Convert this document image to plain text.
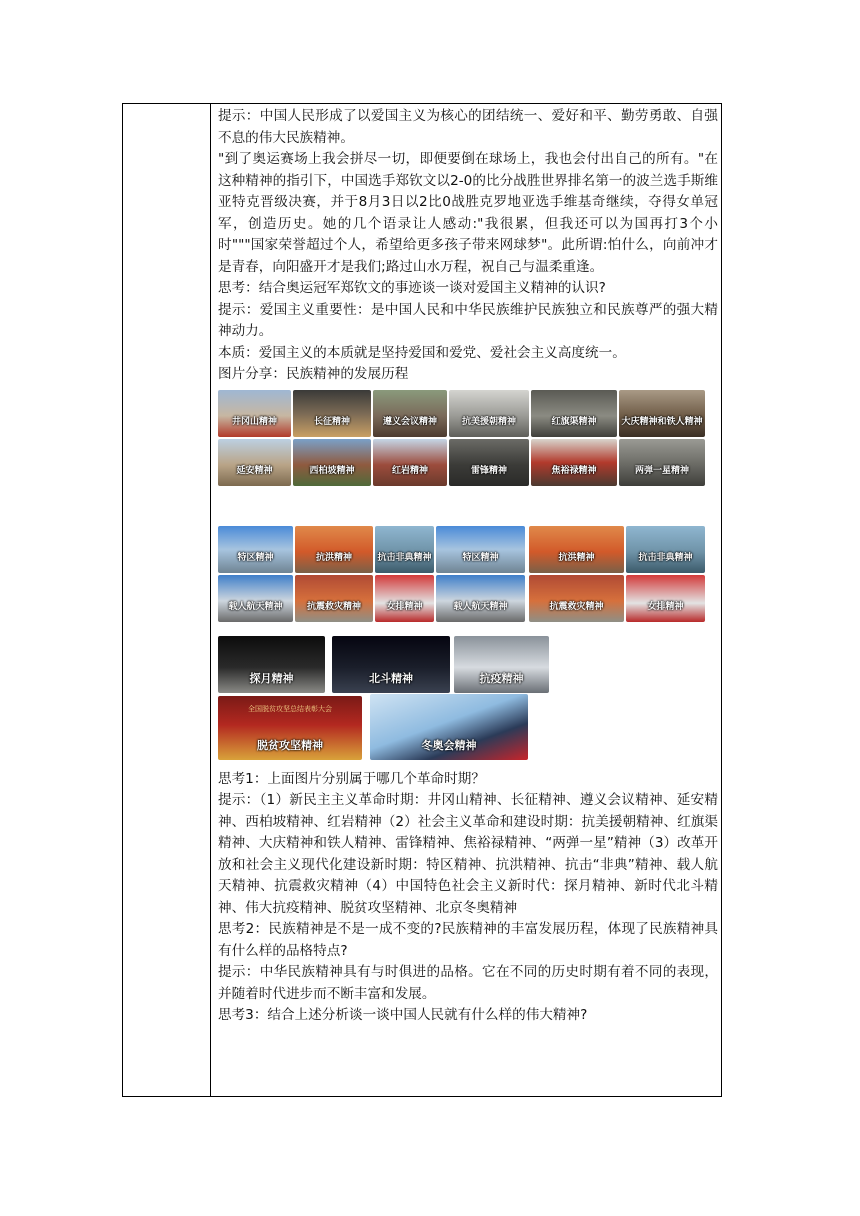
提示：中国人民形成了以爱国主义为核心的团结统一、爱好和平、勤劳勇敢、自强不息的伟大民族精神。

"到了奥运赛场上我会拼尽一切，即便要倒在球场上，我也会付出自己的所有。"在这种精神的指引下，中国选手郑钦文以2-0的比分战胜世界排名第一的波兰选手斯维亚特克晋级决赛，并于8月3日以2比0战胜克罗地亚选手维基奇继续，夺得女单冠军，创造历史。她的几个语录让人感动:"我很累，但我还可以为国再打3个小时"""国家荣誉超过个人，希望给更多孩子带来网球梦"。此所谓:怕什么，向前冲才是青春，向阳盛开才是我们;路过山水万程，祝自己与温柔重逢。

思考：结合奥运冠军郑钦文的事迹谈一谈对爱国主义精神的认识?

提示：爱国主义重要性：是中国人民和中华民族维护民族独立和民族尊严的强大精神动力。

本质：爱国主义的本质就是坚持爱国和爱党、爱社会主义高度统一。

图片分享：民族精神的发展历程

井冈山精神	长征精神	遵义会议精神	抗美援朝精神	红旗渠精神	大庆精神和铁人精神
延安精神	西柏坡精神	红岩精神	雷锋精神	焦裕禄精神	两弹一星精神
特区精神	抗洪精神	抗击非典精神	特区精神	抗洪精神	抗击非典精神
载人航天精神	抗震救灾精神	女排精神	载人航天精神	抗震救灾精神	女排精神
探月精神	北斗精神	抗疫精神
全国脱贫攻坚总结表彰大会
脱贫攻坚精神	冬奥会精神

思考1：上面图片分别属于哪几个革命时期？

提示：（1）新民主主义革命时期：井冈山精神、长征精神、遵义会议精神、延安精神、西柏坡精神、红岩精神（2）社会主义革命和建设时期：抗美援朝精神、红旗渠精神、大庆精神和铁人精神、雷锋精神、焦裕禄精神、“两弹一星”精神（3）改革开放和社会主义现代化建设新时期：特区精神、抗洪精神、抗击“非典”精神、载人航天精神、抗震救灾精神（4）中国特色社会主义新时代：探月精神、新时代北斗精神、伟大抗疫精神、脱贫攻坚精神、北京冬奥精神

思考2：民族精神是不是一成不变的?民族精神的丰富发展历程，体现了民族精神具有什么样的品格特点?

提示：中华民族精神具有与时俱进的品格。它在不同的历史时期有着不同的表现，并随着时代进步而不断丰富和发展。

思考3：结合上述分析谈一谈中国人民就有什么样的伟大精神?
